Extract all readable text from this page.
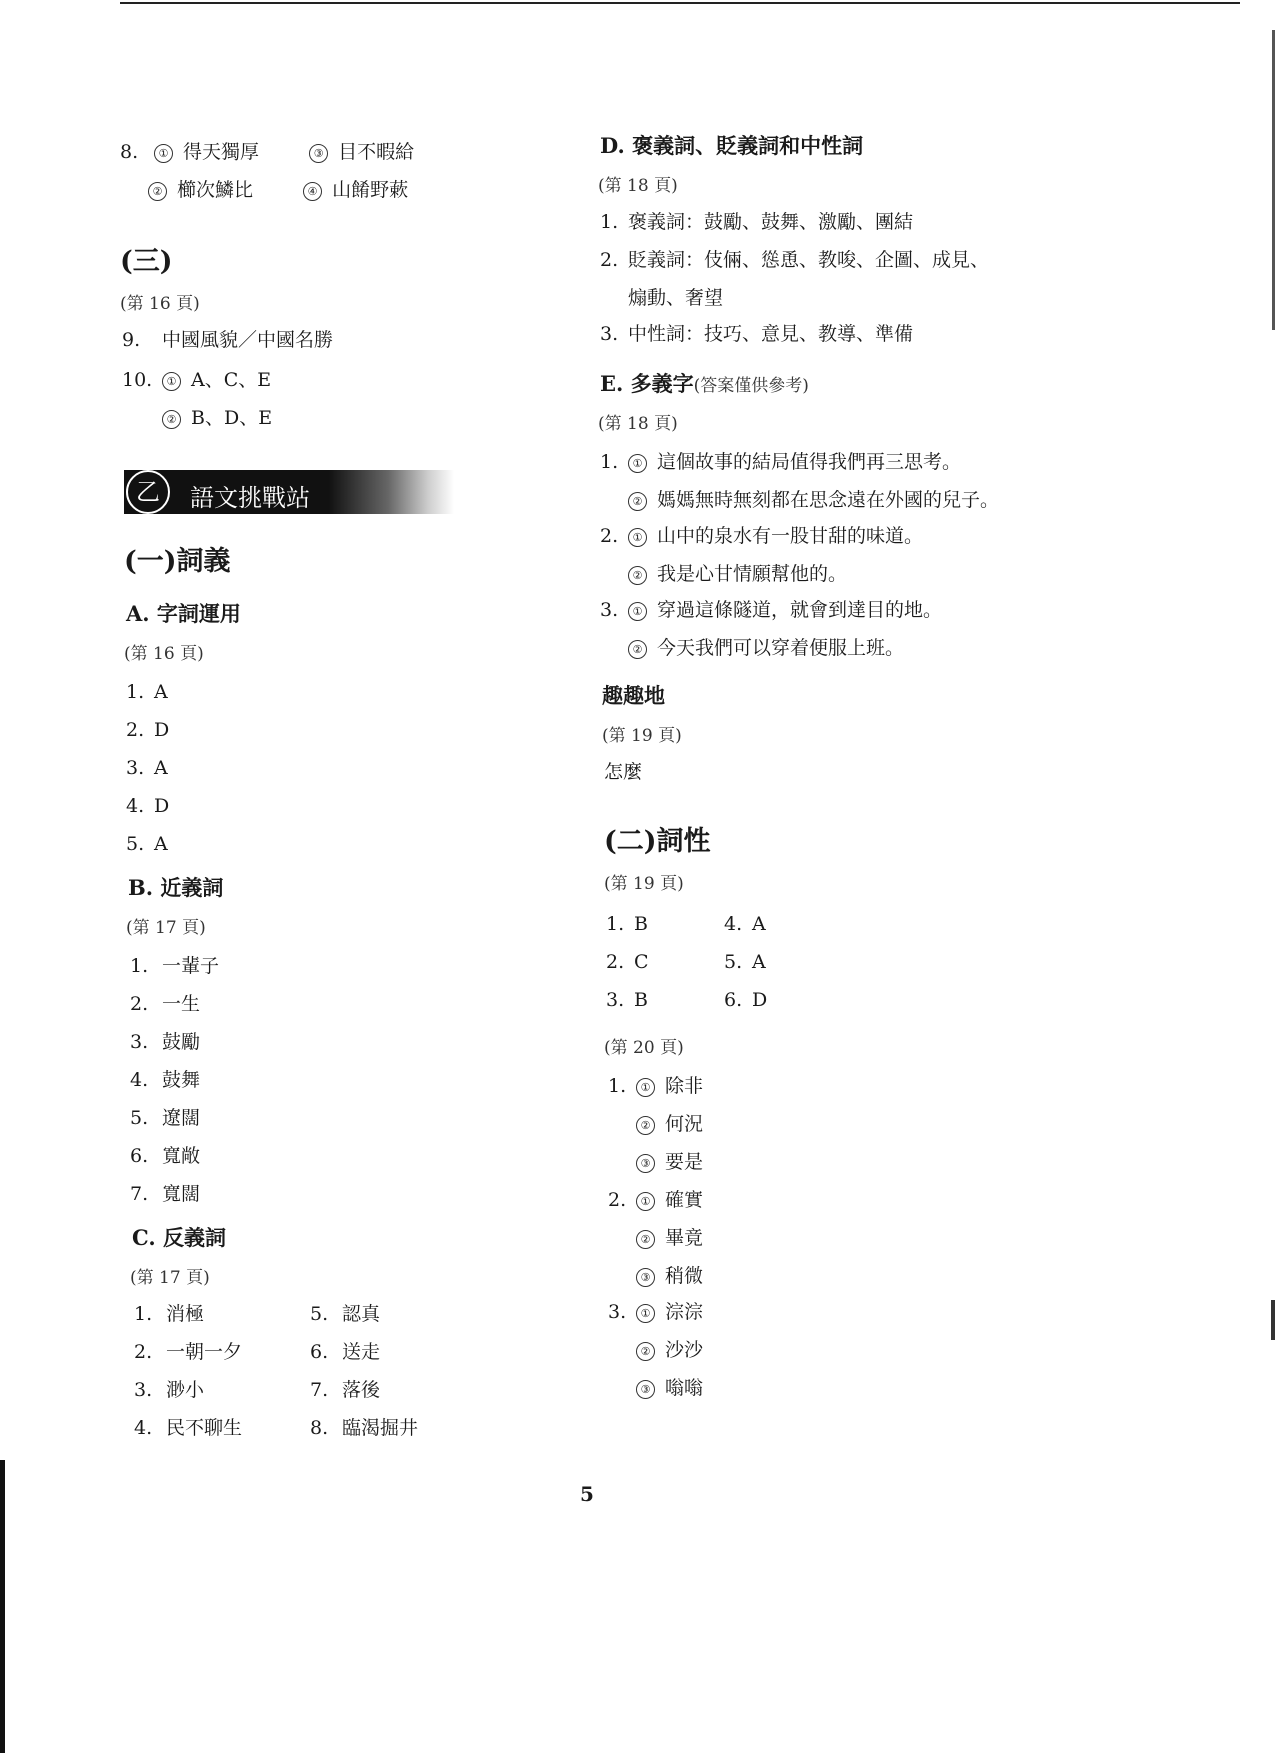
8. ① 得天獨厚	③ 目不暇給
② 櫛次鱗比	④ 山餚野蔌
(三)
(第 16 頁)
9. 中國風貌／中國名勝
10. ① A、C、E
② B、D、E
乙	語文挑戰站
(一)詞義
A. 字詞運用
(第 16 頁)
1. A
2. D
3. A
4. D
5. A
B. 近義詞
(第 17 頁)
1. 一輩子
2. 一生
3. 鼓勵
4. 鼓舞
5. 遼闊
6. 寬敞
7. 寬闊
C. 反義詞
(第 17 頁)
1. 消極	5. 認真
2. 一朝一夕	6. 送走
3. 渺小	7. 落後
4. 民不聊生	8. 臨渴掘井
D. 褒義詞、貶義詞和中性詞
(第 18 頁)
1. 褒義詞：鼓勵、鼓舞、激勵、團結
2. 貶義詞：伎倆、慫恿、教唆、企圖、成見、
煽動、奢望
3. 中性詞：技巧、意見、教導、準備
E. 多義字(答案僅供參考)
(第 18 頁)
1. ① 這個故事的結局值得我們再三思考。
② 媽媽無時無刻都在思念遠在外國的兒子。
2. ① 山中的泉水有一股甘甜的味道。
② 我是心甘情願幫他的。
3. ① 穿過這條隧道，就會到達目的地。
② 今天我們可以穿着便服上班。
趣趣地
(第 19 頁)
怎麼
(二)詞性
(第 19 頁)
1. B	4. A
2. C	5. A
3. B	6. D
(第 20 頁)
1. ① 除非
② 何況
③ 要是
2. ① 確實
② 畢竟
③ 稍微
3. ① 淙淙
② 沙沙
③ 嗡嗡
5
